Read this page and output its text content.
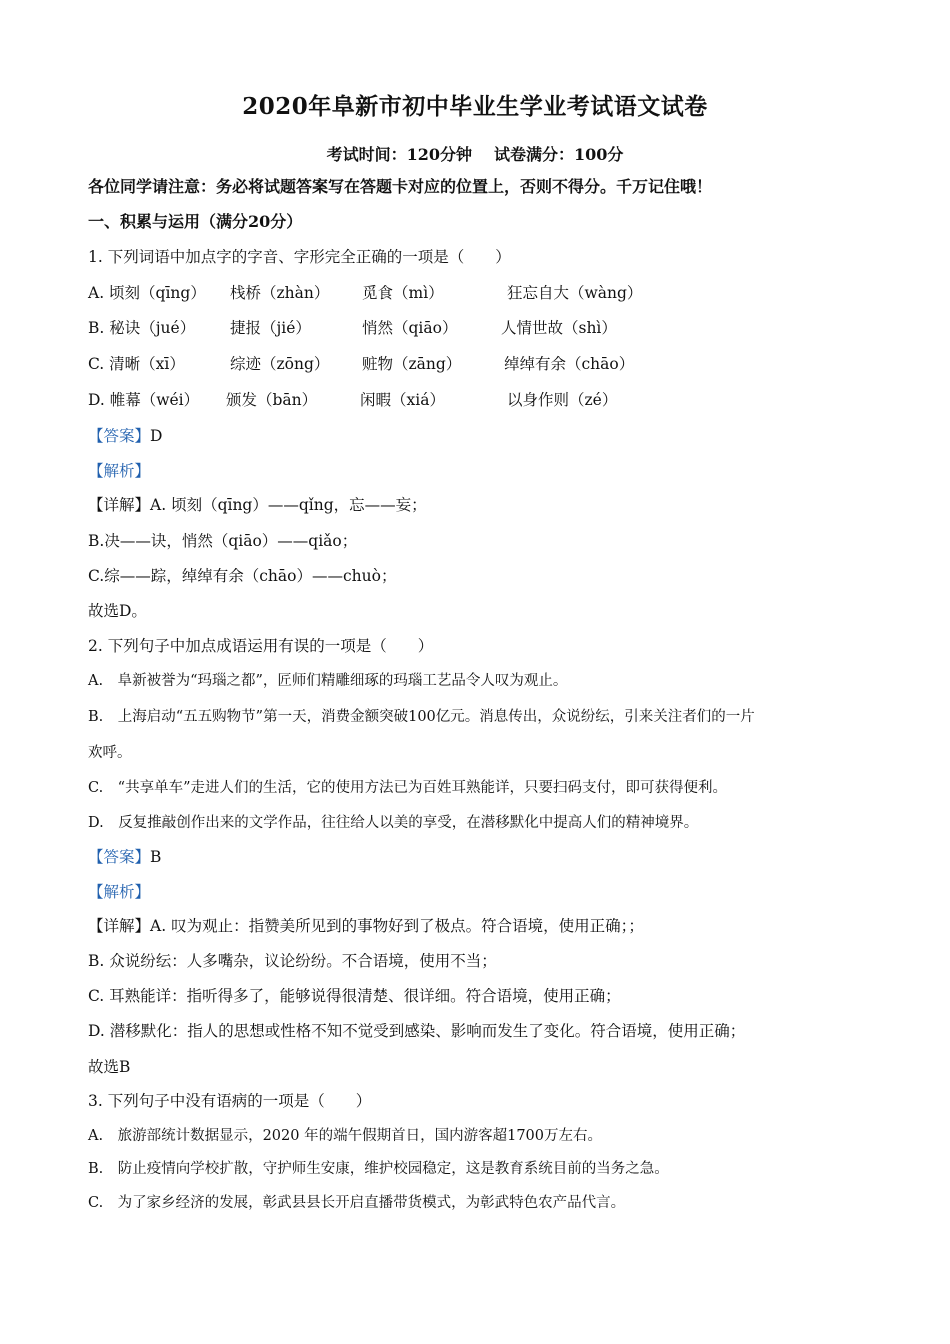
2020年阜新市初中毕业生学业考试语文试卷
考试时间：120分钟 试卷满分：100分
各位同学请注意：务必将试题答案写在答题卡对应的位置上，否则不得分。千万记住哦！
一、积累与运用（满分20分）
1. 下列词语中加点字的字音、字形完全正确的一项是（　　）
A. 顷刻（qīng） 栈桥（zhàn） 觅食（mì）	狂忘自大（wàng）
B. 秘诀（jué） 捷报（jié）	悄然（qiāo）	人情世故（shì）
C. 清晰（xī）	综迹（zōng） 赃物（zāng）	绰绰有余（chāo）
D. 帷幕（wéi） 颁发（bān）	闲暇（xiá）	以身作则（zé）
【答案】D
【解析】
【详解】A. 顷刻（qīng）——qǐng，忘——妄；
B.决——诀，悄然（qiāo）——qiǎo；
C.综——踪，绰绰有余（chāo）——chuò；
故选D。
2. 下列句子中加点成语运用有误的一项是（　　）
A.　阜新被誉为“玛瑙之都”，匠师们精雕细琢的玛瑙工艺品令人叹为观止。
B.　上海启动“五五购物节”第一天，消费金额突破100亿元。消息传出，众说纷纭，引来关注者们的一片
欢呼。
C.　“共享单车”走进人们的生活，它的使用方法已为百姓耳熟能详，只要扫码支付，即可获得便利。
D.　反复推敲创作出来的文学作品，往往给人以美的享受，在潜移默化中提高人们的精神境界。
【答案】B
【解析】
【详解】A. 叹为观止：指赞美所见到的事物好到了极点。符合语境，使用正确；；
B. 众说纷纭：人多嘴杂，议论纷纷。不合语境，使用不当；
C. 耳熟能详：指听得多了，能够说得很清楚、很详细。符合语境，使用正确；
D. 潜移默化：指人的思想或性格不知不觉受到感染、影响而发生了变化。符合语境，使用正确；
故选B
3. 下列句子中没有语病的一项是（　　）
A.　旅游部统计数据显示，2020 年的端午假期首日，国内游客超1700万左右。
B.　防止疫情向学校扩散，守护师生安康，维护校园稳定，这是教育系统目前的当务之急。
C.　为了家乡经济的发展，彰武县县长开启直播带货模式，为彰武特色农产品代言。
